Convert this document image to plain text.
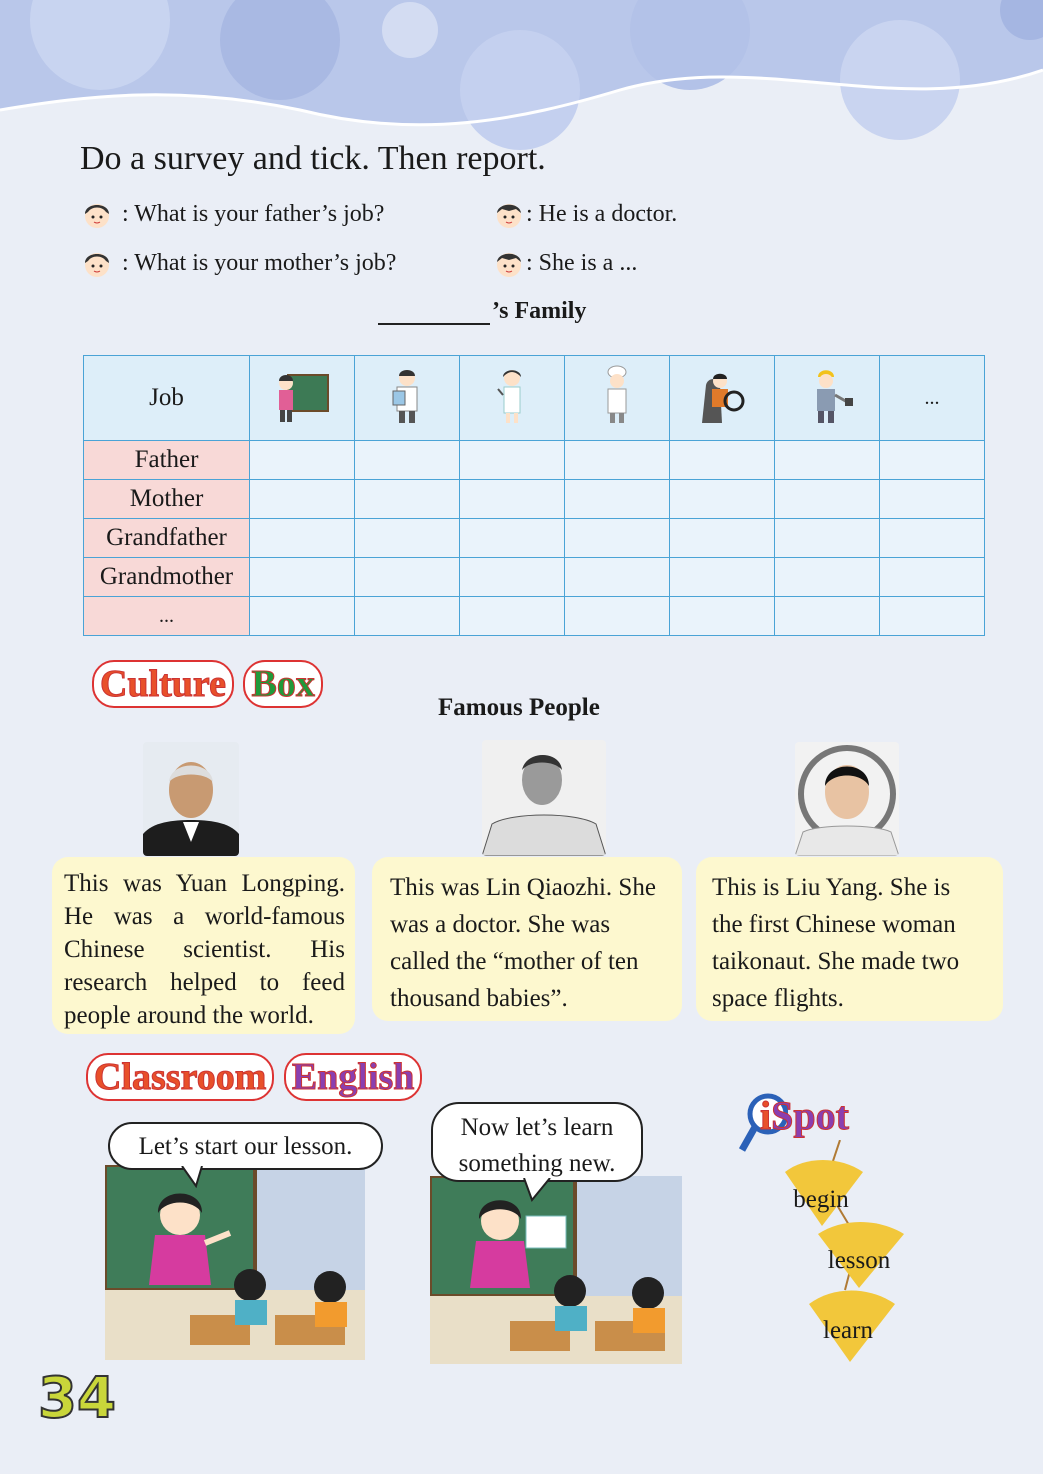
Do a survey and tick. Then report.
: What is your father’s job?	: He is a doctor.
: What is your mother’s job?	: She is a ...
’s Family
Job							...
Father							
Mother							
Grandfather							
Grandmother							
...							
Culture Box
Famous People
This was Yuan Longping. He was a world-famous Chinese scientist. His research helped to feed people around the world.
This was Lin Qiaozhi. She was a doctor. She was called the “mother of ten thousand babies”.
This is Liu Yang. She is the first Chinese woman taikonaut. She made two space flights.
Classroom English
Let’s start our lesson.
Now let’s learn something new.
iSpot
begin
lesson
learn
34
